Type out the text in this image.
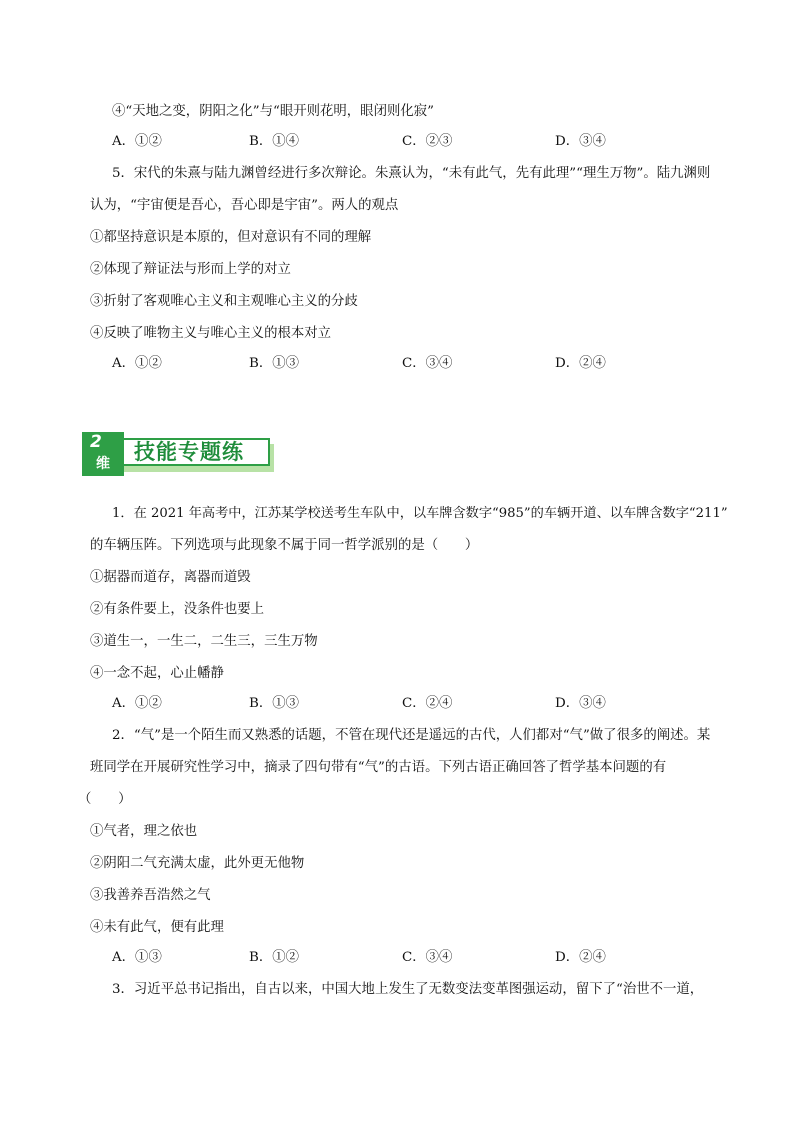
④“天地之变，阴阳之化”与“眼开则花明，眼闭则化寂”
A．①②	B．①④	C．②③	D．③④
5．宋代的朱熹与陆九渊曾经进行多次辩论。朱熹认为，“未有此气，先有此理”“理生万物”。陆九渊则
认为，“宇宙便是吾心，吾心即是宇宙”。两人的观点
①都坚持意识是本原的，但对意识有不同的理解
②体现了辩证法与形而上学的对立
③折射了客观唯心主义和主观唯心主义的分歧
④反映了唯物主义与唯心主义的根本对立
A．①②	B．①③	C．③④	D．②④
2
维 技能专题练
1．在 2021 年高考中，江苏某学校送考生车队中，以车牌含数字“985”的车辆开道、以车牌含数字“211”
的车辆压阵。下列选项与此现象不属于同一哲学派别的是（　　）
①据器而道存，离器而道毁
②有条件要上，没条件也要上
③道生一，一生二，二生三，三生万物
④一念不起，心止幡静
A．①②	B．①③	C．②④	D．③④
2．“气”是一个陌生而又熟悉的话题，不管在现代还是遥远的古代，人们都对“气”做了很多的阐述。某
班同学在开展研究性学习中，摘录了四句带有“气”的古语。下列古语正确回答了哲学基本问题的有
（　　）
①气者，理之依也
②阴阳二气充满太虚，此外更无他物
③我善养吾浩然之气
④未有此气，便有此理
A．①③	B．①②	C．③④	D．②④
3．习近平总书记指出，自古以来，中国大地上发生了无数变法变革图强运动，留下了“治世不一道，
